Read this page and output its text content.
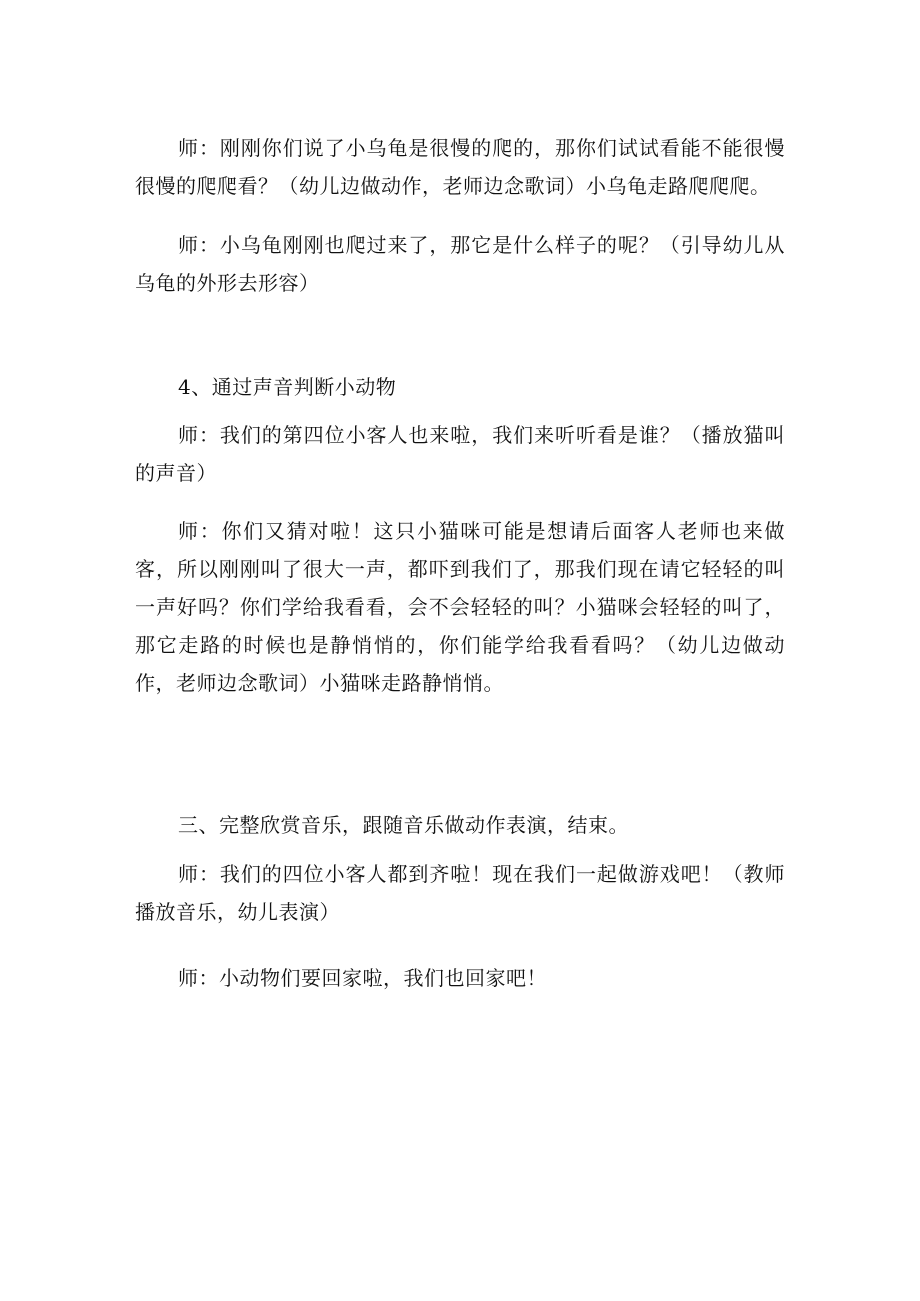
师：刚刚你们说了小乌龟是很慢的爬的，那你们试试看能不能很慢很慢的爬爬看？（幼儿边做动作，老师边念歌词）小乌龟走路爬爬爬。

师：小乌龟刚刚也爬过来了，那它是什么样子的呢？（引导幼儿从乌龟的外形去形容）

4、通过声音判断小动物

师：我们的第四位小客人也来啦，我们来听听看是谁？（播放猫叫的声音）

师：你们又猜对啦！这只小猫咪可能是想请后面客人老师也来做客，所以刚刚叫了很大一声，都吓到我们了，那我们现在请它轻轻的叫一声好吗？你们学给我看看，会不会轻轻的叫？小猫咪会轻轻的叫了，那它走路的时候也是静悄悄的，你们能学给我看看吗？（幼儿边做动作，老师边念歌词）小猫咪走路静悄悄。

三、完整欣赏音乐，跟随音乐做动作表演，结束。

师：我们的四位小客人都到齐啦！现在我们一起做游戏吧！（教师播放音乐，幼儿表演）

师：小动物们要回家啦，我们也回家吧！
